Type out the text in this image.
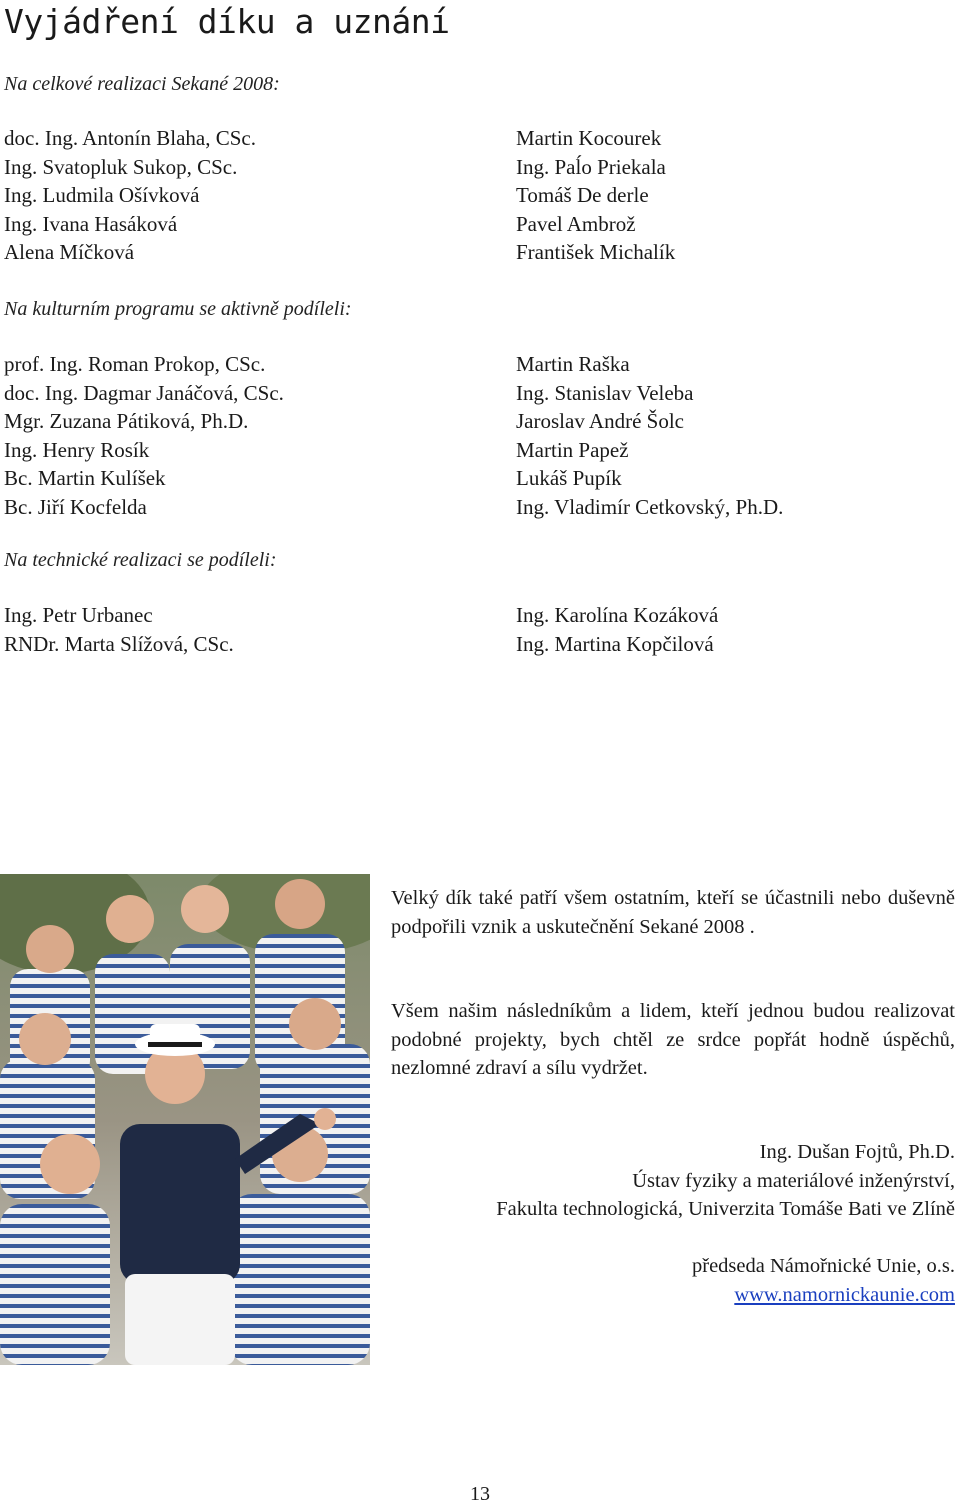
Vyjádření díku a uznání

Na celkové realizaci Sekané 2008:

doc. Ing. Antonín Blaha, CSc.
Ing. Svatopluk Sukop, CSc.
Ing. Ludmila Ošívková
Ing. Ivana Hasáková
Alena Míčková
Martin Kocourek
Ing. Paĺo Priekala
Tomáš De derle
Pavel Ambrož
František Michalík

Na kulturním programu se aktivně podíleli:

prof. Ing. Roman Prokop, CSc.
doc. Ing. Dagmar Janáčová, CSc.
Mgr. Zuzana Pátiková, Ph.D.
Ing. Henry Rosík
Bc. Martin Kulíšek
Bc. Jiří Kocfelda
Martin Raška
Ing. Stanislav Veleba
Jaroslav André Šolc
Martin Papež
Lukáš Pupík
Ing. Vladimír Cetkovský, Ph.D.

Na technické realizaci se podíleli:

Ing. Petr Urbanec
RNDr. Marta Slížová, CSc.
Ing. Karolína Kozáková
Ing. Martina Kopčilová

Velký dík také patří všem ostatním, kteří se účastnili nebo duševně podpořili vznik a uskutečnění Sekané 2008 .

Všem našim následníkům a lidem, kteří jednou budou realizovat podobné projekty, bych chtěl ze srdce popřát hodně úspěchů, nezlomné zdraví a sílu vydržet.

Ing. Dušan Fojtů, Ph.D.
Ústav fyziky a materiálové inženýrství,
Fakulta technologická, Univerzita Tomáše Bati ve Zlíně
předseda Námořnické Unie, o.s.
www.namornickaunie.com

13
